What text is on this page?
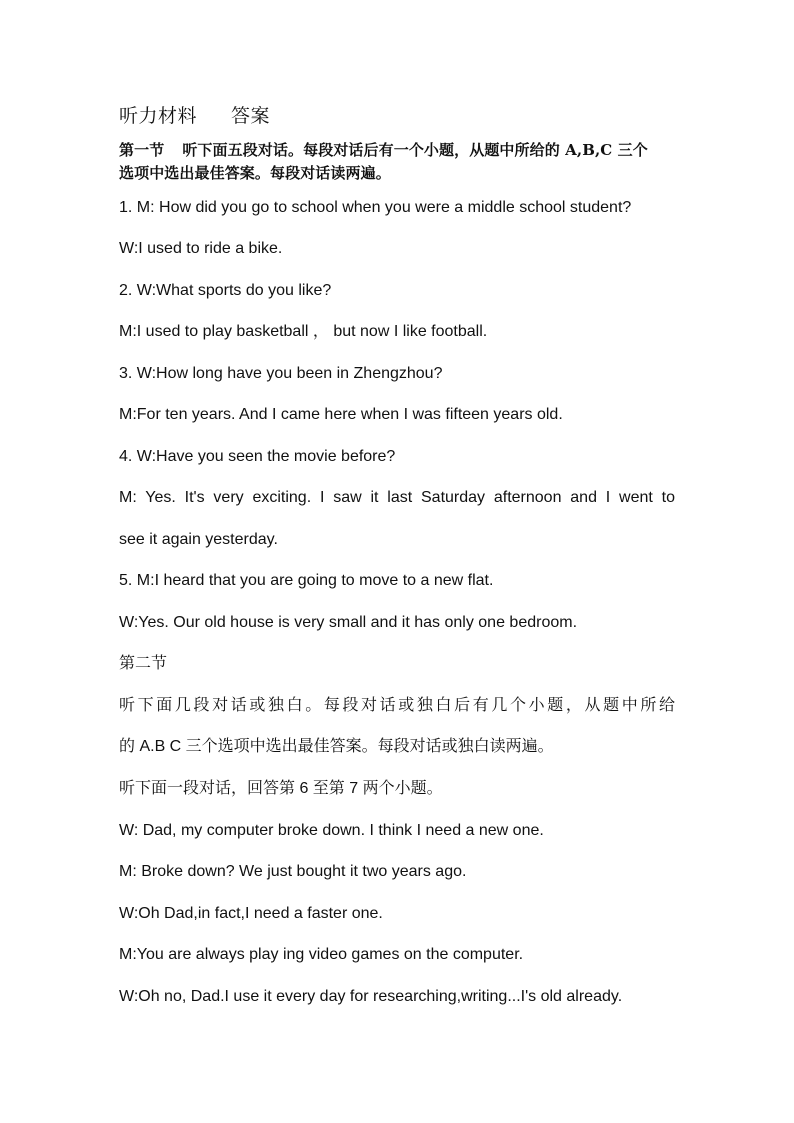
听力材料 答案
第一节 听下面五段对话。每段对话后有一个小题，从题中所给的 A,B,C 三个
选项中选出最佳答案。每段对话读两遍。
1. M: How did you go to school when you were a middle school student?
W:I used to ride a bike.
2. W:What sports do you like?
M:I used to play basketball ， but now I like football.
3. W:How long have you been in Zhengzhou?
M:For ten years. And I came here when I was fifteen years old.
4. W:Have you seen the movie before?
M: Yes. It's very exciting. I saw it last Saturday afternoon and I went to
see it again yesterday.
5. M:I heard that you are going to move to a new flat.
W:Yes. Our old house is very small and it has only one bedroom.
第二节
听下面几段对话或独白。每段对话或独白后有几个小题，从题中所给
的 A.B C 三个选项中选出最佳答案。每段对话或独白读两遍。
听下面一段对话，回答第 6 至第 7 两个小题。
W: Dad, my computer broke down. I think I need a new one.
M: Broke down? We just bought it two years ago.
W:Oh Dad,in fact,I need a faster one.
M:You are always play ing video games on the computer.
W:Oh no, Dad.I use it every day for researching,writing...I's old already.
